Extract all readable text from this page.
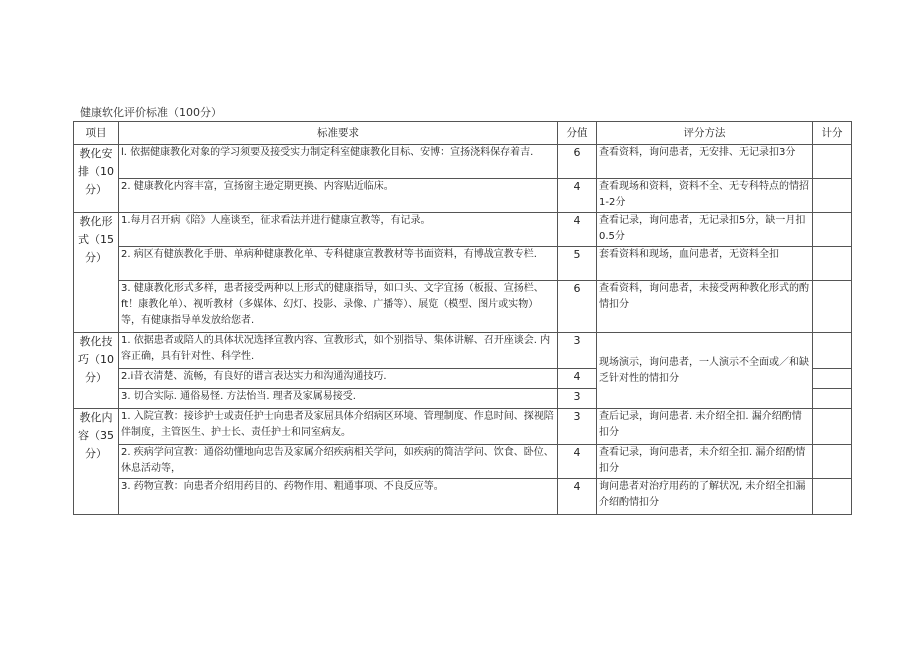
健康软化评价标准（100分）
项目	标准要求	分值	评分方法	计分
教化安排（10分）	l. 依据健康教化对象的学习须要及接受实力制定科室健康教化目标、安博：宣扬浇料保存着吉.	6	查看资料，询问患者，无安排、无记录扣3分	
	2. 健康教化内容丰富，宣扬窗主逊定期更换、内容贴近临床。	4	查看现场和资料，资料不全、无专科特点的情招1-2分	
教化形式（15分）	1.每月召开病《陪》人座谈至，征求看法并进行健康宣教等，有记录。	4	查看记录，询问患者，无记录扣5分，缺一月扣0.5分	
	2. 病区有健族教化手册、单病种健康教化单、专科健康宣教教材等书面资料，有博战宣教专栏.	5	套看资料和现场，血问患者，无资料全扣	
	3. 健康教化形式多样，患者接受两种以上形式的健康指导，如口头、文字宜扬（板报、宣扬栏、ft！康教化单）、视听教材（多媒体、幻灯、投影、录像、广播等）、展览（模型、图片或实物）等，有健康指导单发放给您者.	6	查看资料，询问患者，未接受两种教化形式的酌情扣分	
教化技巧（10分）	1. 依据患者或陪人的具体状况选择宣教内容、宣教形式，如个别指导、集体讲解、召开座谈会. 内容正确，具有针对性、科学性.	3	现场演示，询问患者，一人演示不全面或／和缺乏针对性的情扣分	
	2.i昔衣清楚、流畅，有良好的谱言表达实力和沟通沟通技巧.	4		
	3. 切合实际. 通俗易怪. 方法怡当. 理者及家属易接受.	3		
教化内容（35分）	1. 入院宣教：接诊护士或责任护士向患者及家屈具体介绍病区环境、管理制度、作息时间、探视陪伴制度，主管医生、护士长、责任护士和同室病友。	3	查后记录，询问患者. 未介绍全扣. 漏介绍酌情扣分	
	2. 疾病学问宣教：通俗幼懂地向忠告及家属介绍疾病相关学问，如疾病的简洁学问、饮食、卧位、休息活动等，	4	查看记录，询问患者，未介绍全扣. 漏介绍酌情扣分	
	3. 药物宣教：向患者介绍用药目的、药物作用、粗通事项、不良反应等。	4	询问患者对治疗用药的了解状况, 未介绍全扣漏介绍酌情扣分	
